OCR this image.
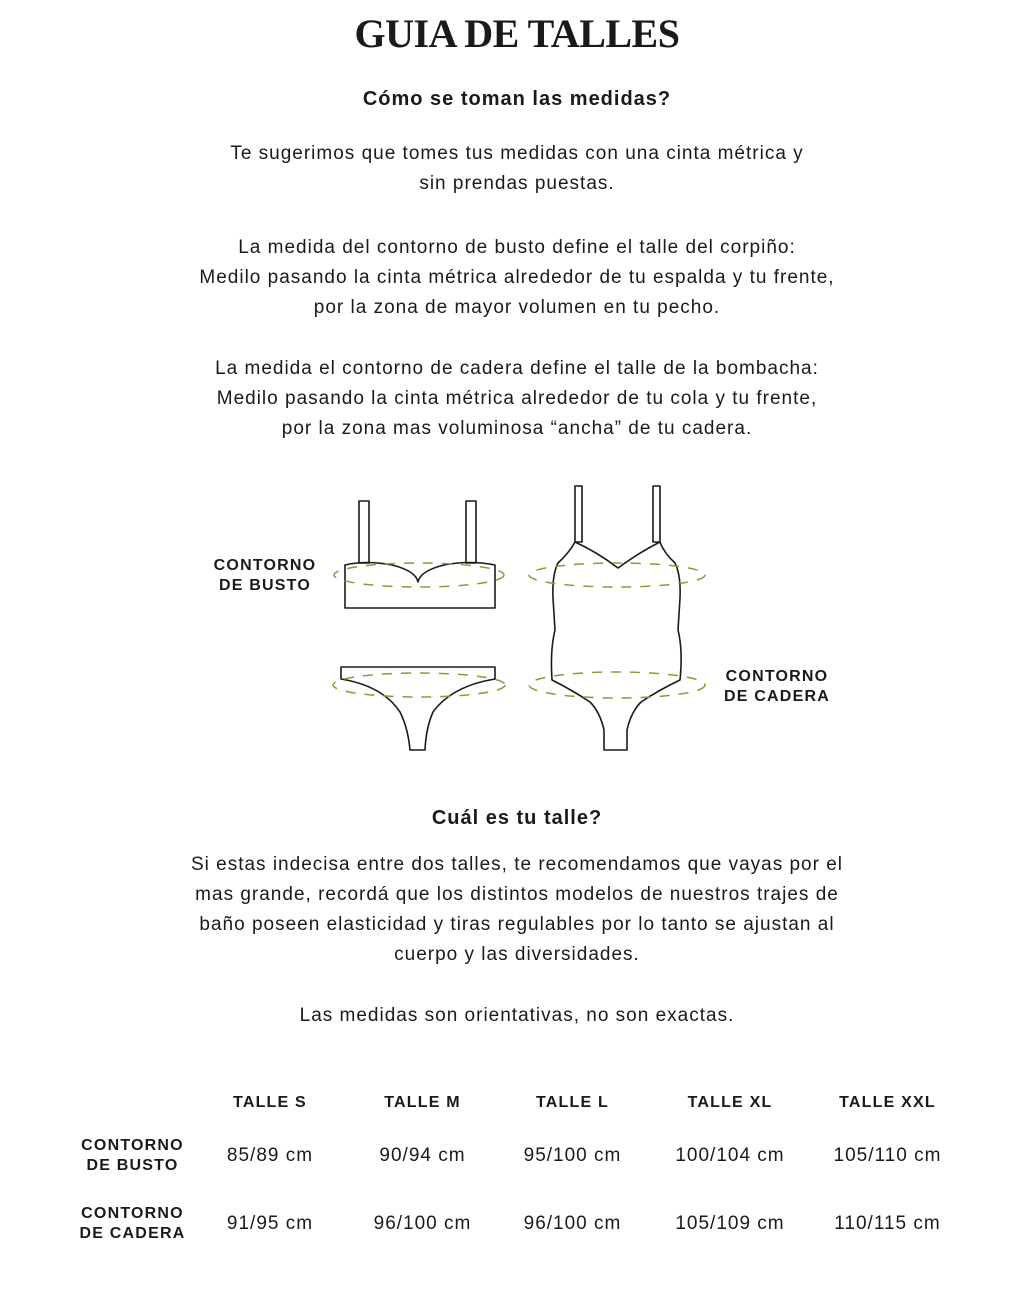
GUIA DE TALLES
Cómo se toman las medidas?
Te sugerimos que tomes tus medidas con una cinta métrica y
sin prendas puestas.
La medida del contorno de busto define el talle del corpiño:
Medilo pasando la cinta métrica alrededor de tu espalda y tu frente,
por la zona de mayor volumen en tu pecho.
La medida el contorno de cadera define el talle de la bombacha:
Medilo pasando la cinta métrica alrededor de tu cola y tu frente,
por la zona mas voluminosa “ancha” de tu cadera.
CONTORNO
DE BUSTO
CONTORNO
DE CADERA
Cuál es tu talle?
Si estas indecisa entre dos talles, te recomendamos que vayas por el
mas grande, recordá que los distintos modelos de nuestros trajes de
baño poseen elasticidad y tiras regulables por lo tanto se ajustan al
cuerpo y las diversidades.
Las medidas son orientativas, no son exactas.
	TALLE S	TALLE M	TALLE L	TALLE XL	TALLE XXL

CONTORNO
DE BUSTO	85/89 cm	90/94 cm	95/100 cm	100/104 cm	105/110 cm

CONTORNO
DE CADERA	91/95 cm	96/100 cm	96/100 cm	105/109 cm	110/115 cm
